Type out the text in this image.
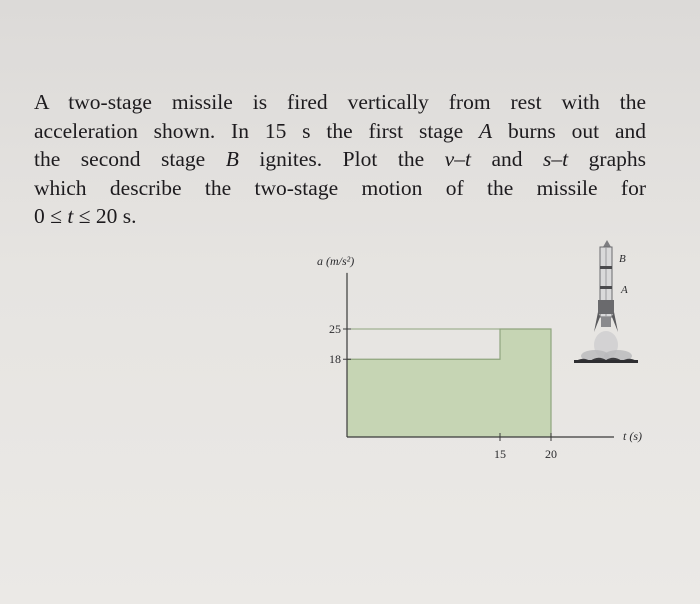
A two-stage missile is fired vertically from rest with the
acceleration shown. In 15 s the first stage A burns out and
the second stage B ignites. Plot the v–t and s–t graphs
which describe the two-stage motion of the missile for
0 ≤ t ≤ 20 s.

18
25
15	20
a (m/s²)
t (s)
B
A
